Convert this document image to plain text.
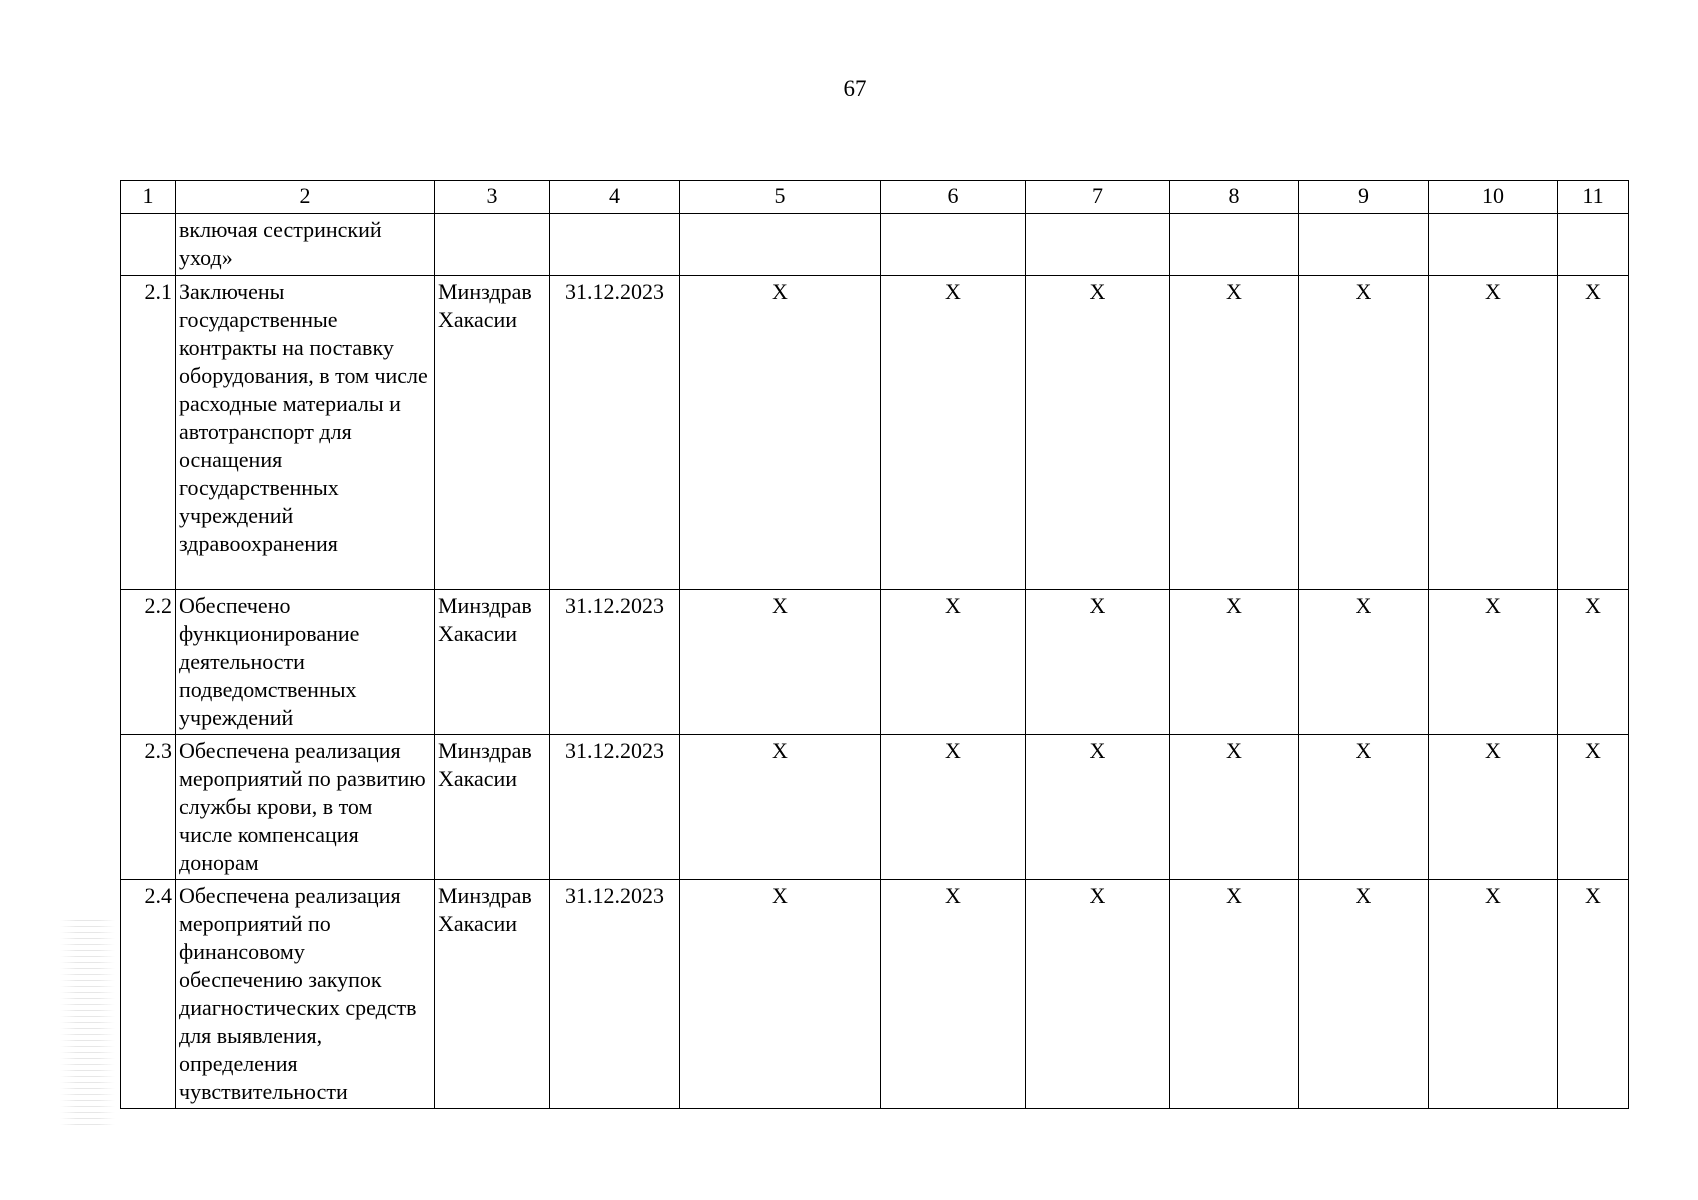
67
1	2	3	4	5	6	7	8	9	10	11
	включая сестринский уход»									
2.1	Заключены государственные контракты на поставку оборудования, в том числе расходные материалы и автотранспорт для оснащения государственных учреждений здравоохранения	Минздрав Хакасии	31.12.2023	Х	Х	Х	Х	Х	Х	Х
2.2	Обеспечено функционирование деятельности подведомственных учреждений	Минздрав Хакасии	31.12.2023	Х	Х	Х	Х	Х	Х	Х
2.3	Обеспечена реализация мероприятий по развитию службы крови, в том числе компенсация донорам	Минздрав Хакасии	31.12.2023	Х	Х	Х	Х	Х	Х	Х
2.4	Обеспечена реализация мероприятий по финансовому обеспечению закупок диагностических средств для выявления, определения чувствительности	Минздрав Хакасии	31.12.2023	Х	Х	Х	Х	Х	Х	Х
